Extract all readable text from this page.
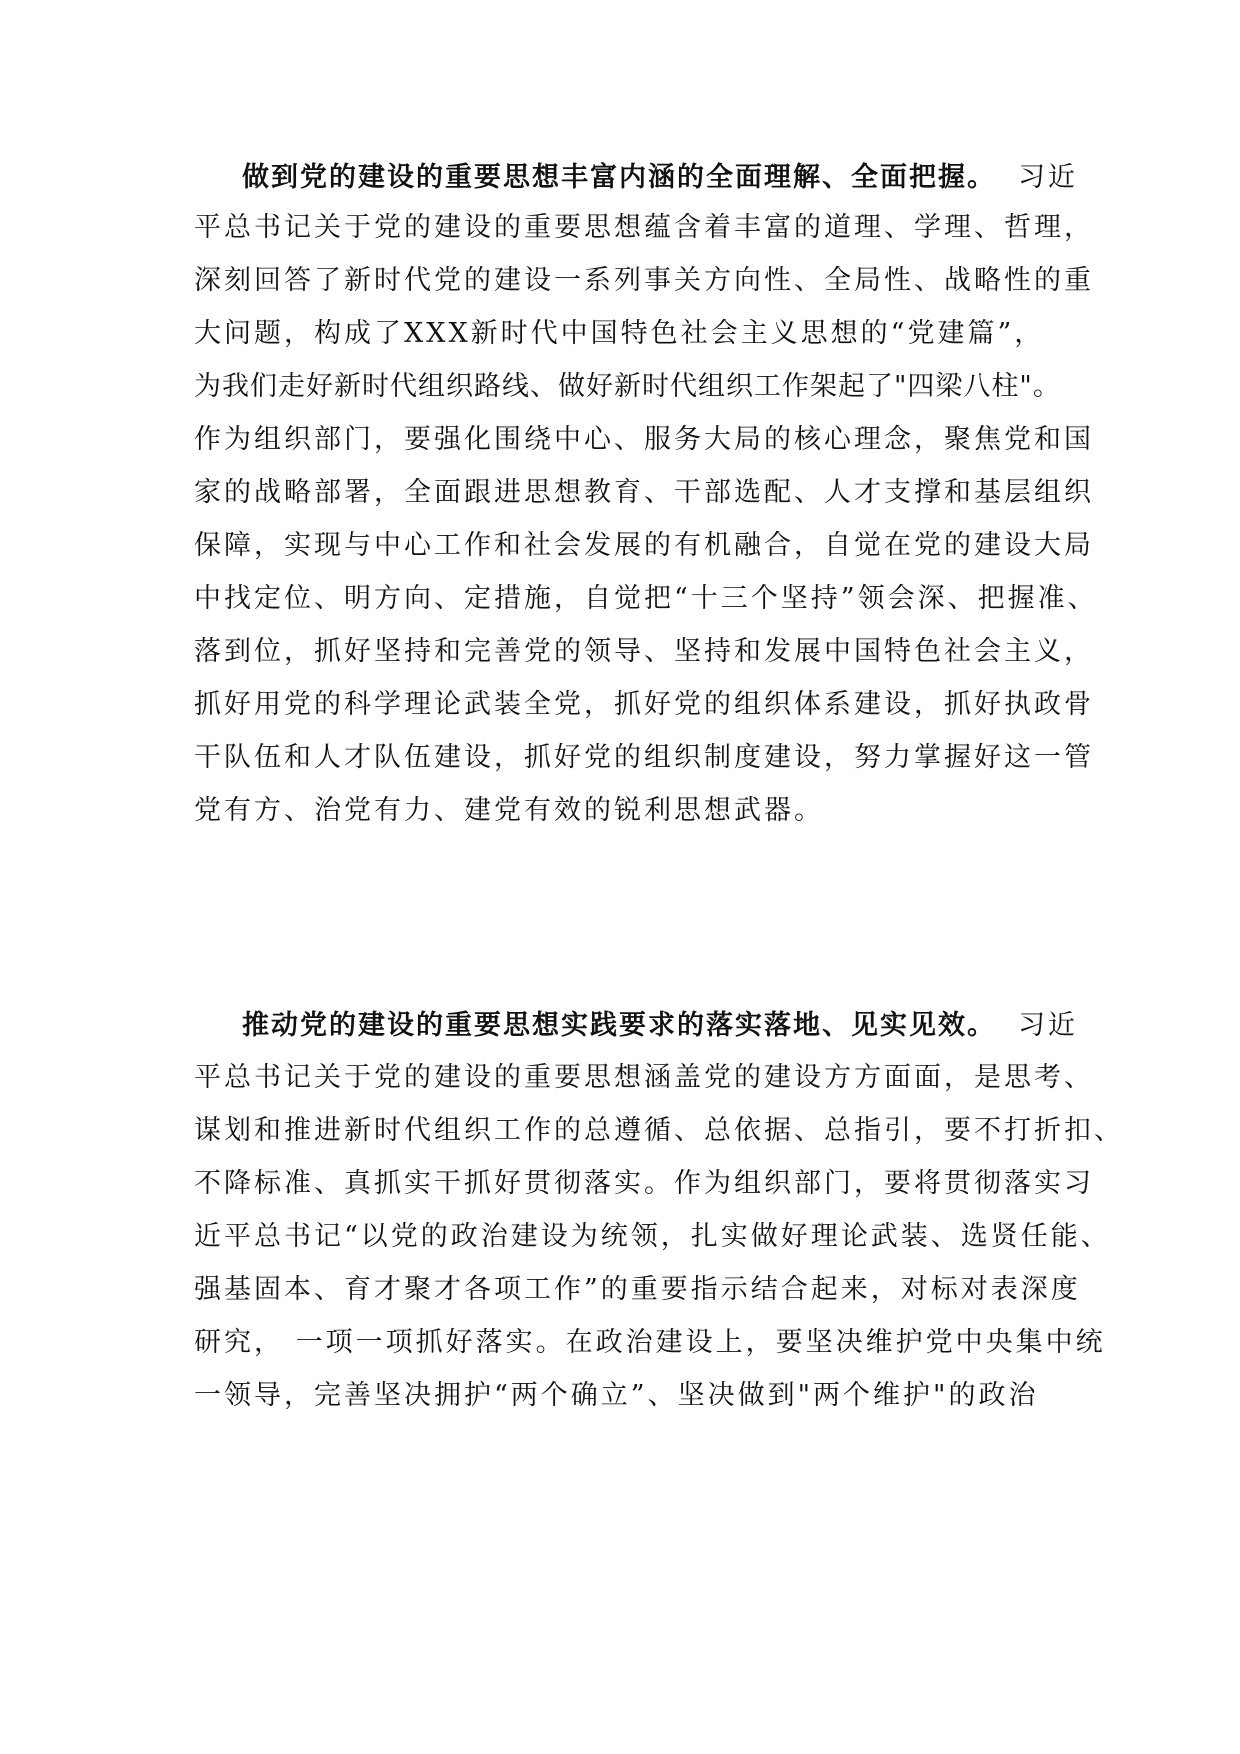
做到党的建设的重要思想丰富内涵的全面理解、全面把握。 习近
平总书记关于党的建设的重要思想蕴含着丰富的道理、学理、哲理，
深刻回答了新时代党的建设一系列事关方向性、全局性、战略性的重
大问题，构成了XXX新时代中国特色社会主义思想的“党建篇”，
为我们走好新时代组织路线、做好新时代组织工作架起了"四梁八柱"。
作为组织部门，要强化围绕中心、服务大局的核心理念，聚焦党和国
家的战略部署，全面跟进思想教育、干部选配、人才支撑和基层组织
保障，实现与中心工作和社会发展的有机融合，自觉在党的建设大局
中找定位、明方向、定措施，自觉把“十三个坚持”领会深、把握准、
落到位，抓好坚持和完善党的领导、坚持和发展中国特色社会主义，
抓好用党的科学理论武装全党，抓好党的组织体系建设，抓好执政骨
干队伍和人才队伍建设，抓好党的组织制度建设，努力掌握好这一管
党有方、治党有力、建党有效的锐利思想武器。
推动党的建设的重要思想实践要求的落实落地、见实见效。 习近
平总书记关于党的建设的重要思想涵盖党的建设方方面面，是思考、
谋划和推进新时代组织工作的总遵循、总依据、总指引，要不打折扣、
不降标准、真抓实干抓好贯彻落实。作为组织部门，要将贯彻落实习
近平总书记“以党的政治建设为统领，扎实做好理论武装、选贤任能、
强基固本、育才聚才各项工作”的重要指示结合起来，对标对表深度
研究， 一项一项抓好落实。在政治建设上，要坚决维护党中央集中统
一领导，完善坚决拥护“两个确立”、坚决做到"两个维护"的政治
